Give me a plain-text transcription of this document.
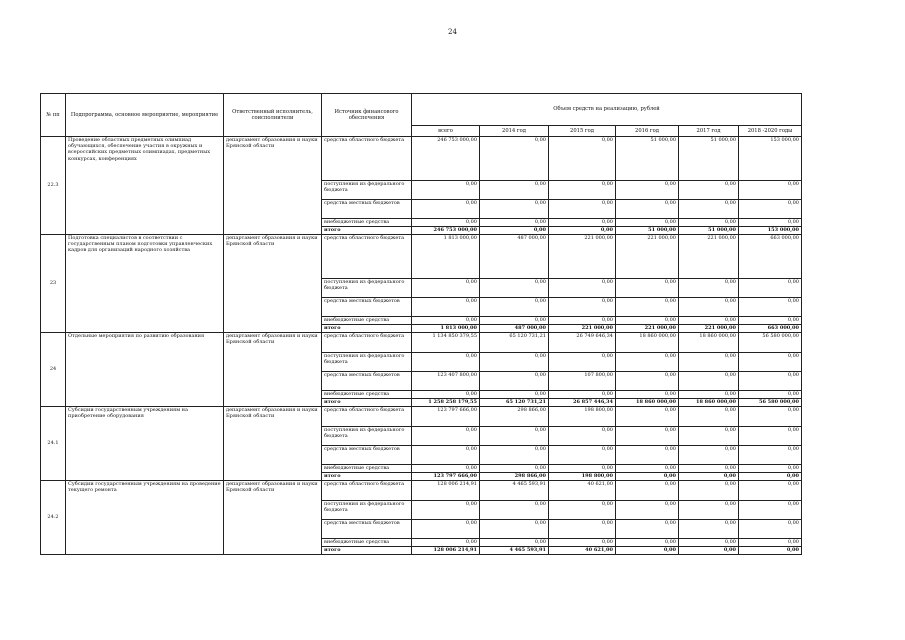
24
№ пп	Подпрограмма, основное мероприятие, мероприятие	Ответственный исполнитель, соисполнители	Источник финансового обеспечения	Объем средств на реализацию, рублей					
				всего	2014 год	2015 год	2016 год	2017 год	2018 -2020 годы
22.3	Проведение областных предметных олимпиад обучающихся, обеспечение участия в окружных и всероссийских предметных олимпиадах, предметных конкурсах, конференциях	департамент образования и науки Брянской области	средства областного бюджета	246 753 000,00	0,00	0,00	51 000,00	51 000,00	153 000,00
			поступления из федерального бюджета	0,00	0,00	0,00	0,00	0,00	0,00
			средства местных бюджетов	0,00	0,00	0,00	0,00	0,00	0,00
			внебюджетные средства	0,00	0,00	0,00	0,00	0,00	0,00
			итого	246 753 000,00	0,00	0,00	51 000,00	51 000,00	153 000,00
23	Подготовка специалистов в соответствии с государственным планом подготовки управленческих кадров для организаций народного хозяйства	департамент образования и науки Брянской области	средства областного бюджета	1 813 000,00	487 000,00	221 000,00	221 000,00	221 000,00	663 000,00
			поступления из федерального бюджета	0,00	0,00	0,00	0,00	0,00	0,00
			средства местных бюджетов	0,00	0,00	0,00	0,00	0,00	0,00
			внебюджетные средства	0,00	0,00	0,00	0,00	0,00	0,00
			итого	1 813 000,00	487 000,00	221 000,00	221 000,00	221 000,00	663 000,00
24	Отдельные мероприятия по развитию образования	департамент образования и науки Брянской области	средства областного бюджета	1 134 850 379,55	65 120 731,21	26 749 646,34	18 860 000,00	18 860 000,00	56 580 000,00
			поступления из федерального бюджета	0,00	0,00	0,00	0,00	0,00	0,00
			средства местных бюджетов	123 407 800,00	0,00	107 800,00	0,00	0,00	0,00
			внебюджетные средства	0,00	0,00	0,00	0,00	0,00	0,00
			итого	1 258 258 179,55	65 120 731,21	26 857 446,34	18 860 000,00	18 860 000,00	56 580 000,00
24.1	Субсидии государственным учреждениям на приобретение оборудования	департамент образования и науки Брянской области	средства областного бюджета	123 797 666,00	298 866,00	198 800,00	0,00	0,00	0,00
			поступления из федерального бюджета	0,00	0,00	0,00	0,00	0,00	0,00
			средства местных бюджетов	0,00	0,00	0,00	0,00	0,00	0,00
			внебюджетные средства	0,00	0,00	0,00	0,00	0,00	0,00
			итого	123 797 666,00	298 866,00	198 800,00	0,00	0,00	0,00
24.2	Субсидии государственным учреждениям на проведение текущего ремонта	департамент образования и науки Брянской области	средства областного бюджета	128 006 214,91	4 465 593,91	40 621,00	0,00	0,00	0,00
			поступления из федерального бюджета	0,00	0,00	0,00	0,00	0,00	0,00
			средства местных бюджетов	0,00	0,00	0,00	0,00	0,00	0,00
			внебюджетные средства	0,00	0,00	0,00	0,00	0,00	0,00
			итого	128 006 214,91	4 465 593,91	40 621,00	0,00	0,00	0,00
